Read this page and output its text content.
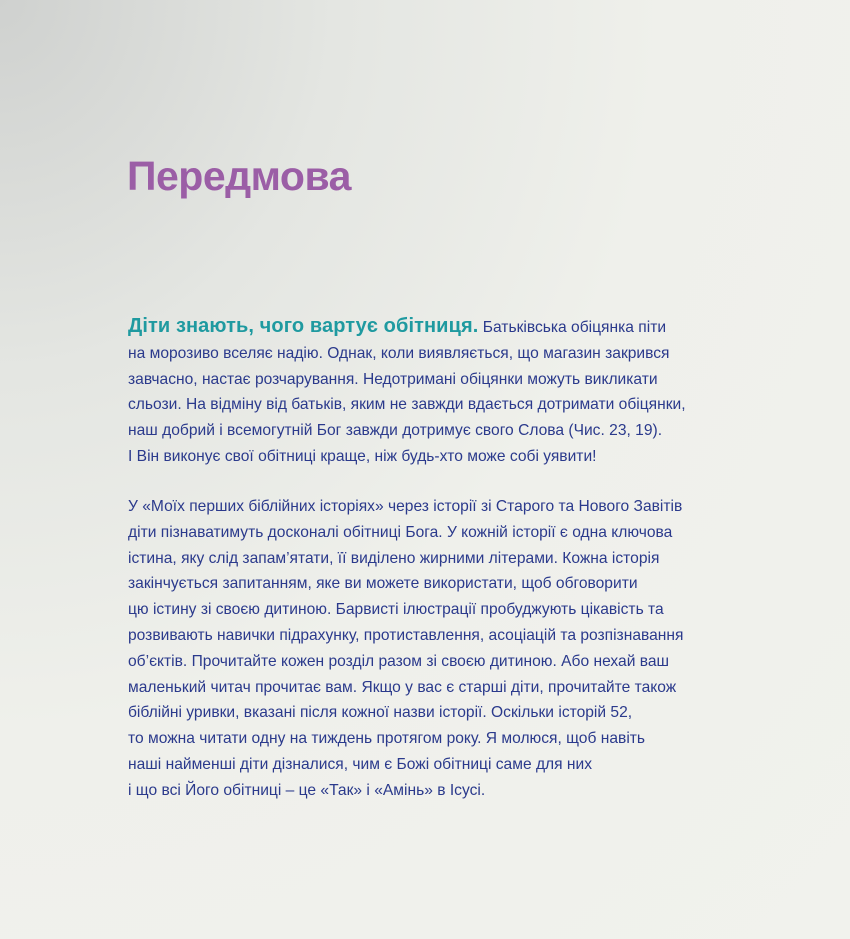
Передмова

Діти знають, чого вартує обітниця. Батьківська обіцянка піти
на морозиво вселяє надію. Однак, коли виявляється, що магазин закрився
завчасно, настає розчарування. Недотримані обіцянки можуть викликати
сльози. На відміну від батьків, яким не завжди вдається дотримати обіцянки,
наш добрий і всемогутній Бог завжди дотримує свого Слова (Чис. 23, 19).
І Він виконує свої обітниці краще, ніж будь-хто може собі уявити!

У «Моїх перших біблійних історіях» через історії зі Старого та Нового Завітів
діти пізнаватимуть досконалі обітниці Бога. У кожній історії є одна ключова
істина, яку слід запам’ятати, її виділено жирними літерами. Кожна історія
закінчується запитанням, яке ви можете використати, щоб обговорити
цю істину зі своєю дитиною. Барвисті ілюстрації пробуджують цікавість та
розвивають навички підрахунку, протиставлення, асоціацій та розпізнавання
об’єктів. Прочитайте кожен розділ разом зі своєю дитиною. Або нехай ваш
маленький читач прочитає вам. Якщо у вас є старші діти, прочитайте також
біблійні уривки, вказані після кожної назви історії. Оскільки історій 52,
то можна читати одну на тиждень протягом року. Я молюся, щоб навіть
наші найменші діти дізналися, чим є Божі обітниці саме для них
і що всі Його обітниці – це «Так» і «Амінь» в Ісусі.
